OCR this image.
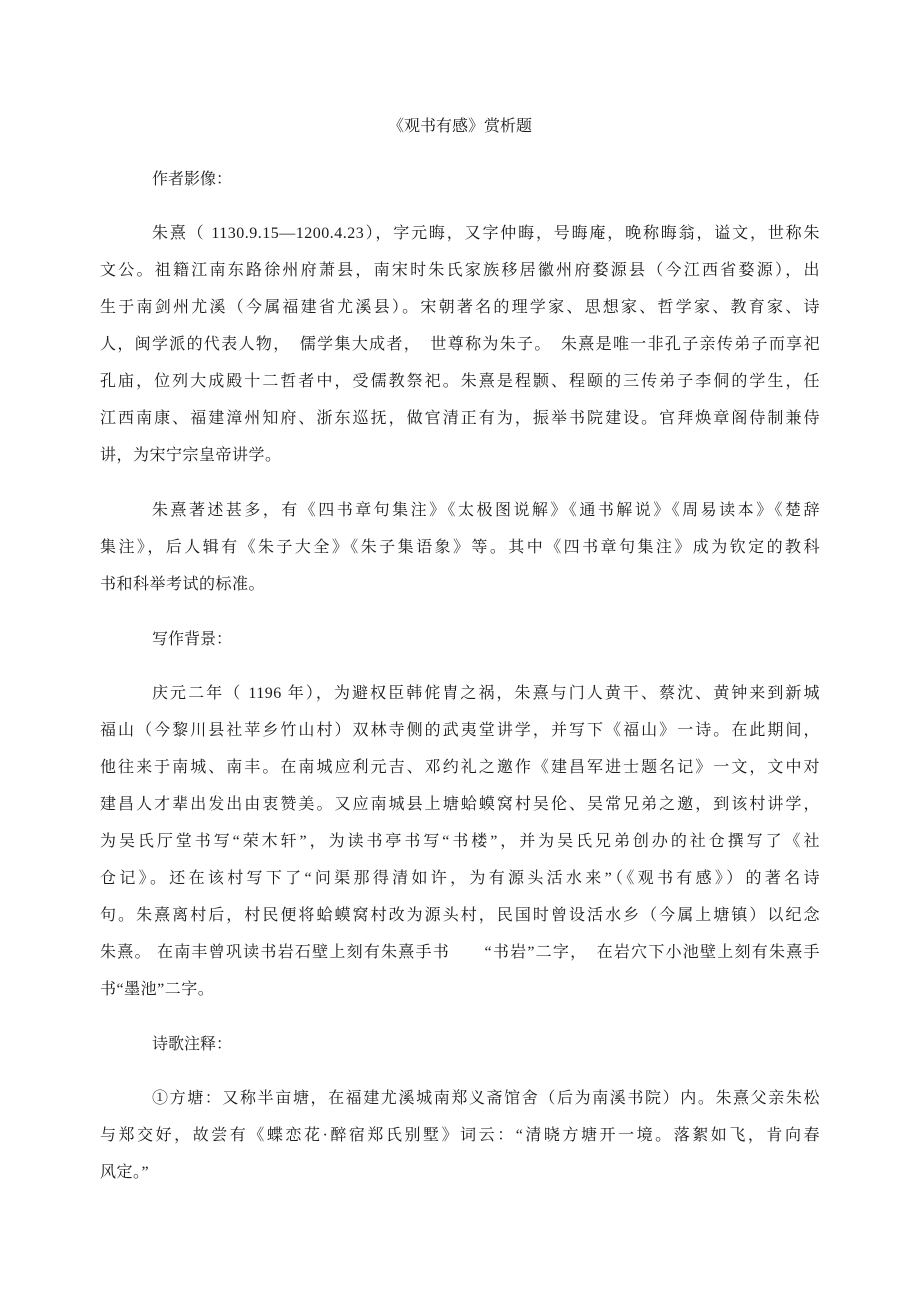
《观书有感》赏析题
作者影像：
朱熹（ 1130.9.15—1200.4.23），字元晦，又字仲晦，号晦庵，晚称晦翁，谥文，世称朱
文公。祖籍江南东路徐州府萧县，南宋时朱氏家族移居徽州府婺源县（今江西省婺源），出
生于南剑州尤溪（今属福建省尤溪县）。宋朝著名的理学家、思想家、哲学家、教育家、诗
人，闽学派的代表人物，　儒学集大成者，　世尊称为朱子。　朱熹是唯一非孔子亲传弟子而享祀
孔庙，位列大成殿十二哲者中，受儒教祭祀。朱熹是程颢、程颐的三传弟子李侗的学生，任
江西南康、福建漳州知府、浙东巡抚，做官清正有为，振举书院建设。官拜焕章阁侍制兼侍
讲，为宋宁宗皇帝讲学。
朱熹著述甚多，有《四书章句集注》《太极图说解》《通书解说》《周易读本》《楚辞
集注》，后人辑有《朱子大全》《朱子集语象》等。其中《四书章句集注》成为钦定的教科
书和科举考试的标准。
写作背景：
庆元二年（ 1196 年），为避权臣韩侂胄之祸，朱熹与门人黄干、蔡沈、黄钟来到新城
福山（今黎川县社苹乡竹山村）双林寺侧的武夷堂讲学，并写下《福山》一诗。在此期间，
他往来于南城、南丰。在南城应利元吉、邓约礼之邀作《建昌军进士题名记》一文，文中对
建昌人才辈出发出由衷赞美。又应南城县上塘蛤蟆窝村吴伦、吴常兄弟之邀，到该村讲学，
为吴氏厅堂书写“荣木轩”，为读书亭书写“书楼”，并为吴氏兄弟创办的社仓撰写了《社
仓记》。还在该村写下了“问渠那得清如许，为有源头活水来”（《观书有感》）的著名诗
句。朱熹离村后，村民便将蛤蟆窝村改为源头村，民国时曾设活水乡（今属上塘镇）以纪念
朱熹。 在南丰曾巩读书岩石壁上刻有朱熹手书　　“书岩”二字，　在岩穴下小池壁上刻有朱熹手
书“墨池”二字。
诗歌注释：
①方塘：又称半亩塘，在福建尤溪城南郑义斋馆舍（后为南溪书院）内。朱熹父亲朱松
与郑交好，故尝有《蝶恋花·醉宿郑氏别墅》词云：“清晓方塘开一境。落絮如飞，肯向春
风定。”
